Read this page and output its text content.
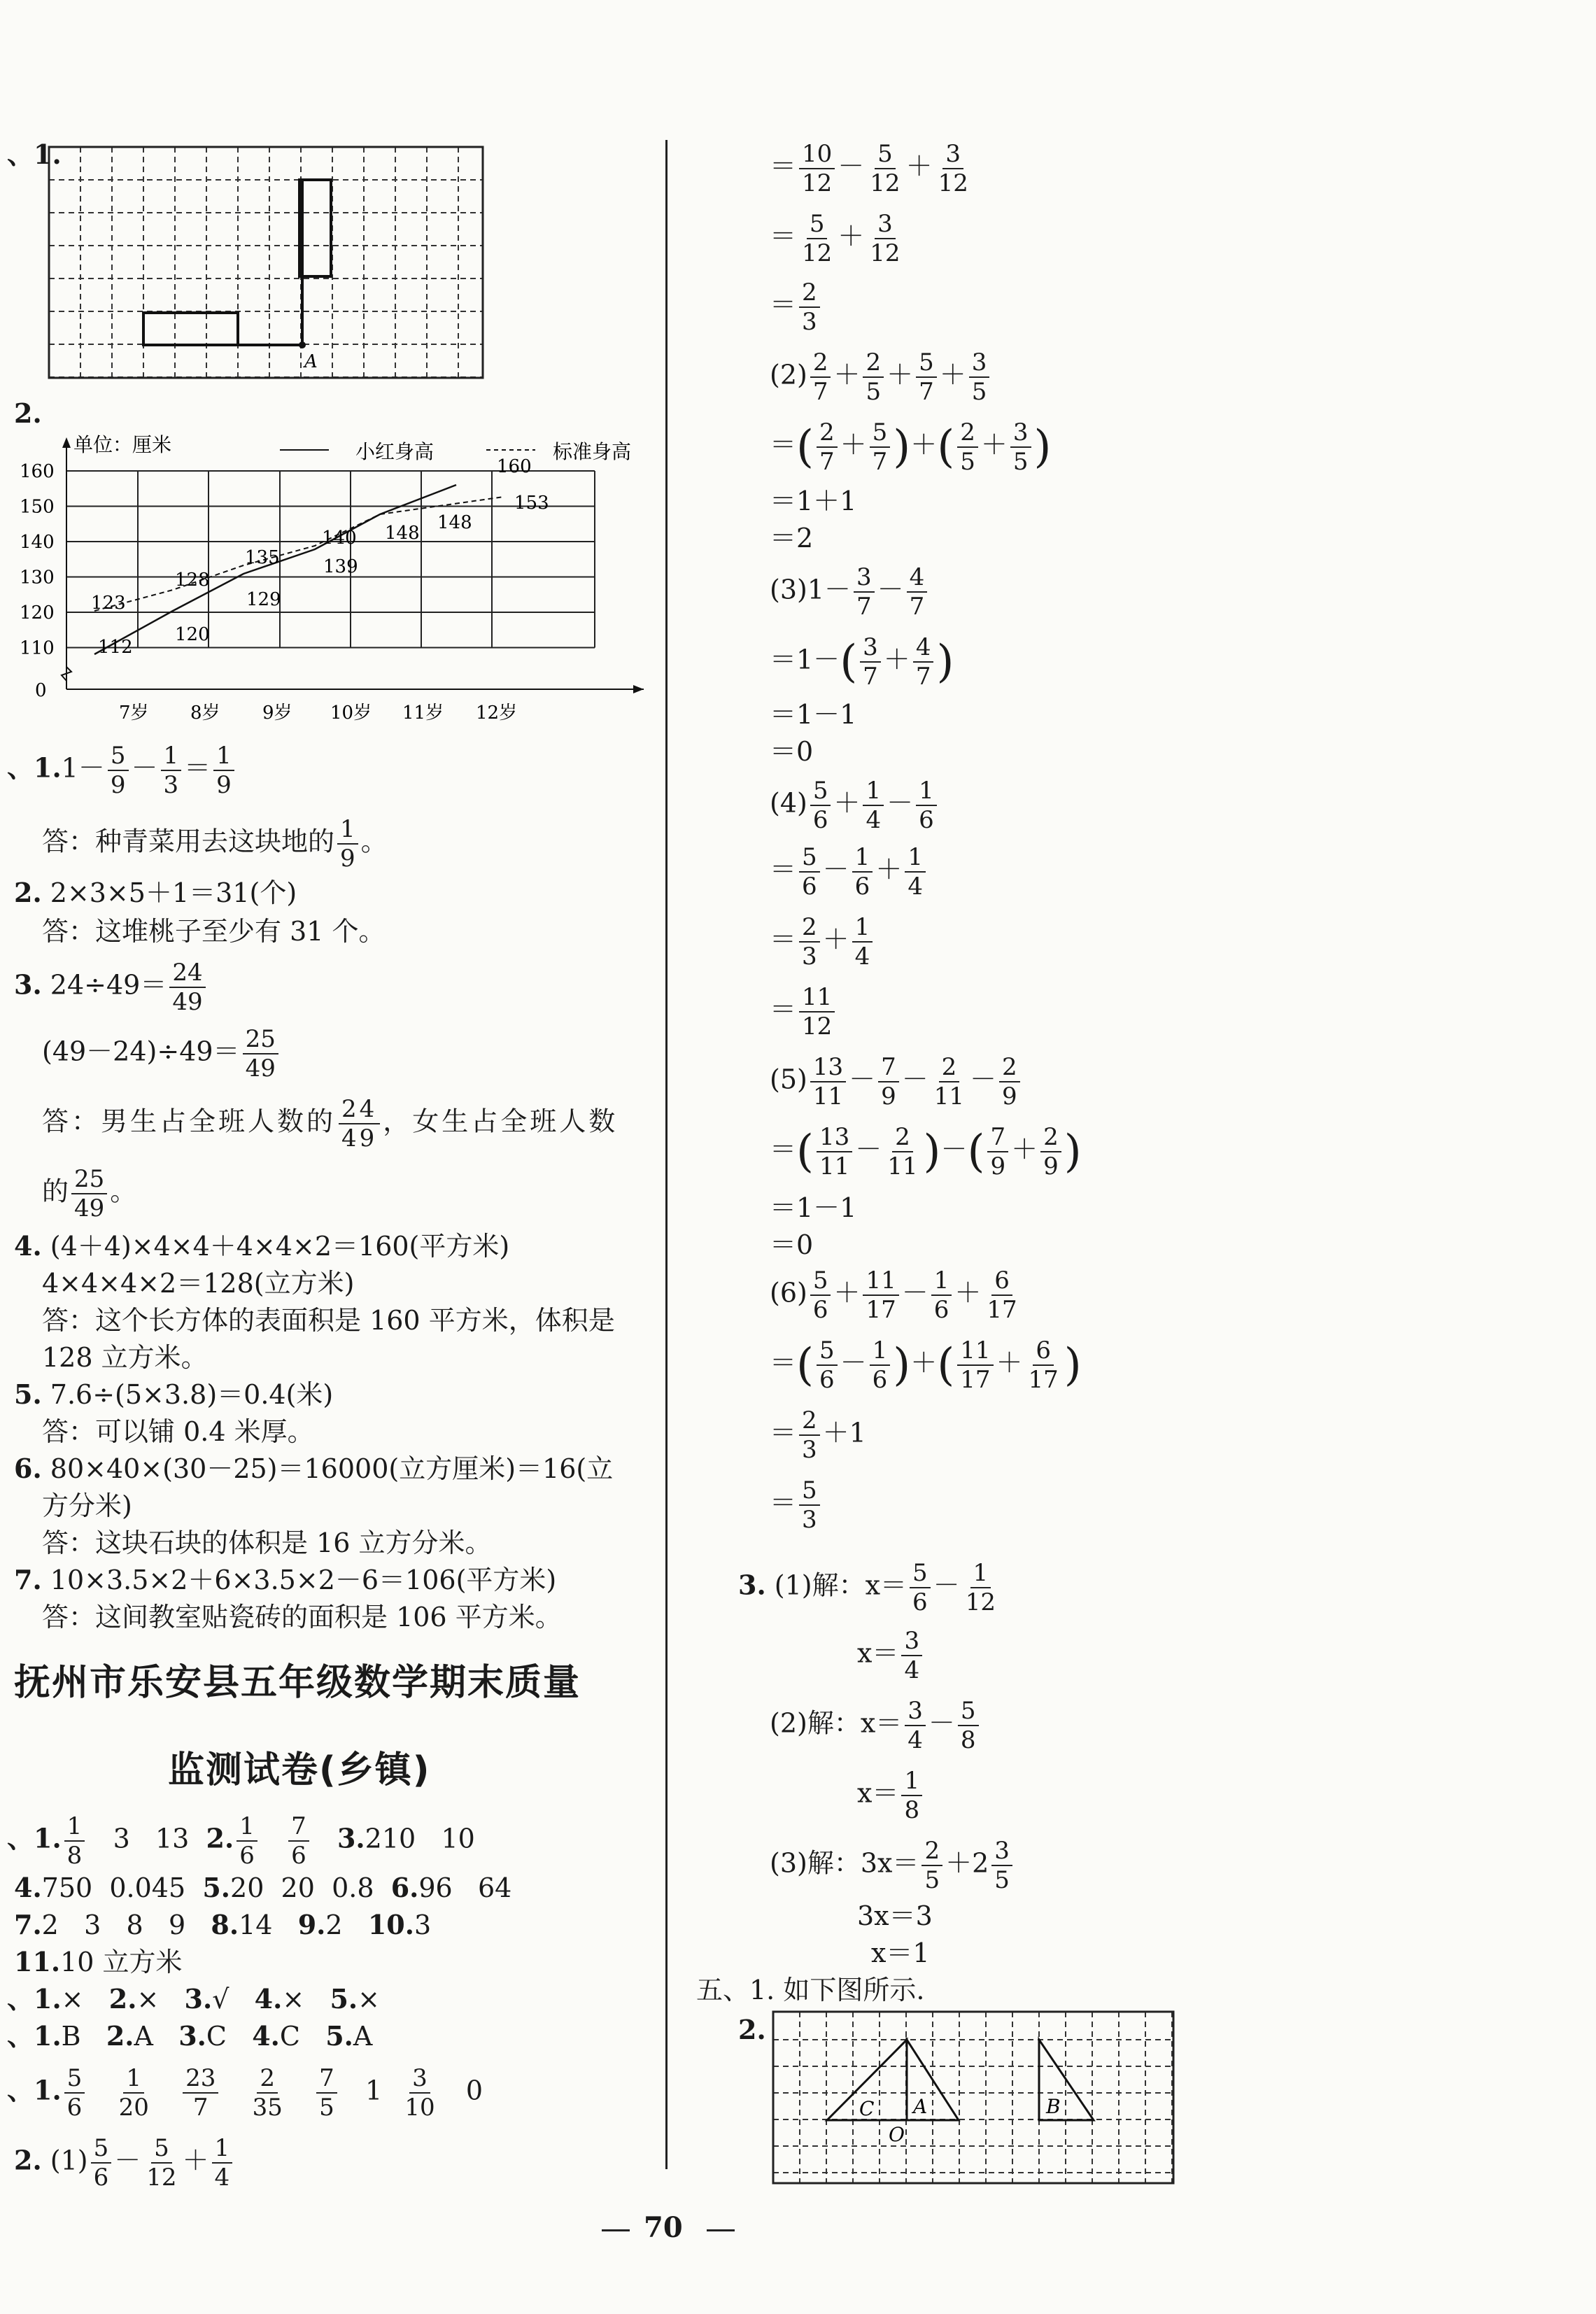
、1.
A
2.
单位：厘米	小红身高	标准身高
110
120
130
140
150
160
7岁 8岁 9岁 10岁 11岁 12岁
0
112
123
120
128
129
135 139
140 148 148
160
153
、$1.1- \frac{5}{9} - \frac{1}{3} = \frac{1}{9}$
答：种青菜用去这块地的 $\frac{1}{9}$ 。
2. 2×3×5＋1＝31(个)
答：这堆桃子至少有 31 个。
3. $24\div 49= \frac{24}{49}$
$(49-24)\div 49= \frac{25}{49}$
答：男生占全班人数的 $\frac{24}{49}$ ，女生占全班人数
的 $\frac{25}{49}$ 。
4. (4＋4)×4×4＋4×4×2＝160(平方米)
4×4×4×2＝128(立方米)
答：这个长方体的表面积是 160 平方米，体积是
128 立方米。
5. 7.6÷(5×3.8)＝0.4(米)
答：可以铺 0.4 米厚。
6. 80×40×(30－25)＝16000(立方厘米)＝16(立
方分米)
答：这块石块的体积是 16 立方分米。
7. 10×3.5×2＋6×3.5×2－6＝106(平方米)
答：这间教室贴瓷砖的面积是 106 平方米。
抚州市乐安县五年级数学期末质量
监测试卷(乡镇)
、1. $\frac{1}{8} 3$ 13 2. $\frac{1}{6}$
$\frac{7}{6} 3.210$ 10
4.750 0.045 5.20 20 0.8 6.96 64
7.2 3 8 9 8.14 9.2 10.3
11.10 立方米
、1.× 2.× 3.√ 4.× 5.×
、1.B 2.A 3.C 4.C 5.A
、1. $\frac{5}{6}$
$\frac{1}{20}$
$\frac{23}{7}$
$\frac{2}{35}$
$\frac{7}{5} 1 \frac{3}{10} 0$
2. $(1) \frac{5}{6} - \frac{5}{12} + \frac{1}{4}$
＝ $\frac{10}{12} - \frac{5}{12} + \frac{3}{12}$
＝ $\frac{5}{12} + \frac{3}{12}$
＝ $\frac{2}{3}$
$(2) \frac{2}{7} + \frac{2}{5} + \frac{5}{7} + \frac{3}{5}$
＝( $\frac{2}{7} + \frac{5}{7}$ )＋( $\frac{2}{5} + \frac{3}{5}$ )
＝1＋1
＝2
$(3)1- \frac{3}{7} - \frac{4}{7}$
$=1-( \frac{3}{7} + \frac{4}{7}$ )
＝1－1
＝0
$(4) \frac{5}{6} + \frac{1}{4} - \frac{1}{6}$
＝ $\frac{5}{6} - \frac{1}{6} + \frac{1}{4}$
＝ $\frac{2}{3} + \frac{1}{4}$
＝ $\frac{11}{12}$
$(5) \frac{13}{11} - \frac{7}{9} - \frac{2}{11} - \frac{2}{9}$
＝( $\frac{13}{11} - \frac{2}{11}$ )－( $\frac{7}{9} + \frac{2}{9}$ )
＝1－1
＝0
$(6) \frac{5}{6} + \frac{11}{17} - \frac{1}{6} + \frac{6}{17}$
＝( $\frac{5}{6} - \frac{1}{6}$ )＋( $\frac{11}{17} + \frac{6}{17}$ )
＝ $\frac{2}{3} +1$
＝ $\frac{5}{3}$
3. (1)解：$x= \frac{5}{6} - \frac{1}{12}$
$x= \frac{3}{4}$
(2)解：$x= \frac{3}{4} - \frac{5}{8}$
$x= \frac{1}{8}$
(3)解：$3x= \frac{2}{5} +2 \frac{3}{5}$
3x＝3
x＝1
五、1. 如下图所示.
2.
C A
O
B
70
